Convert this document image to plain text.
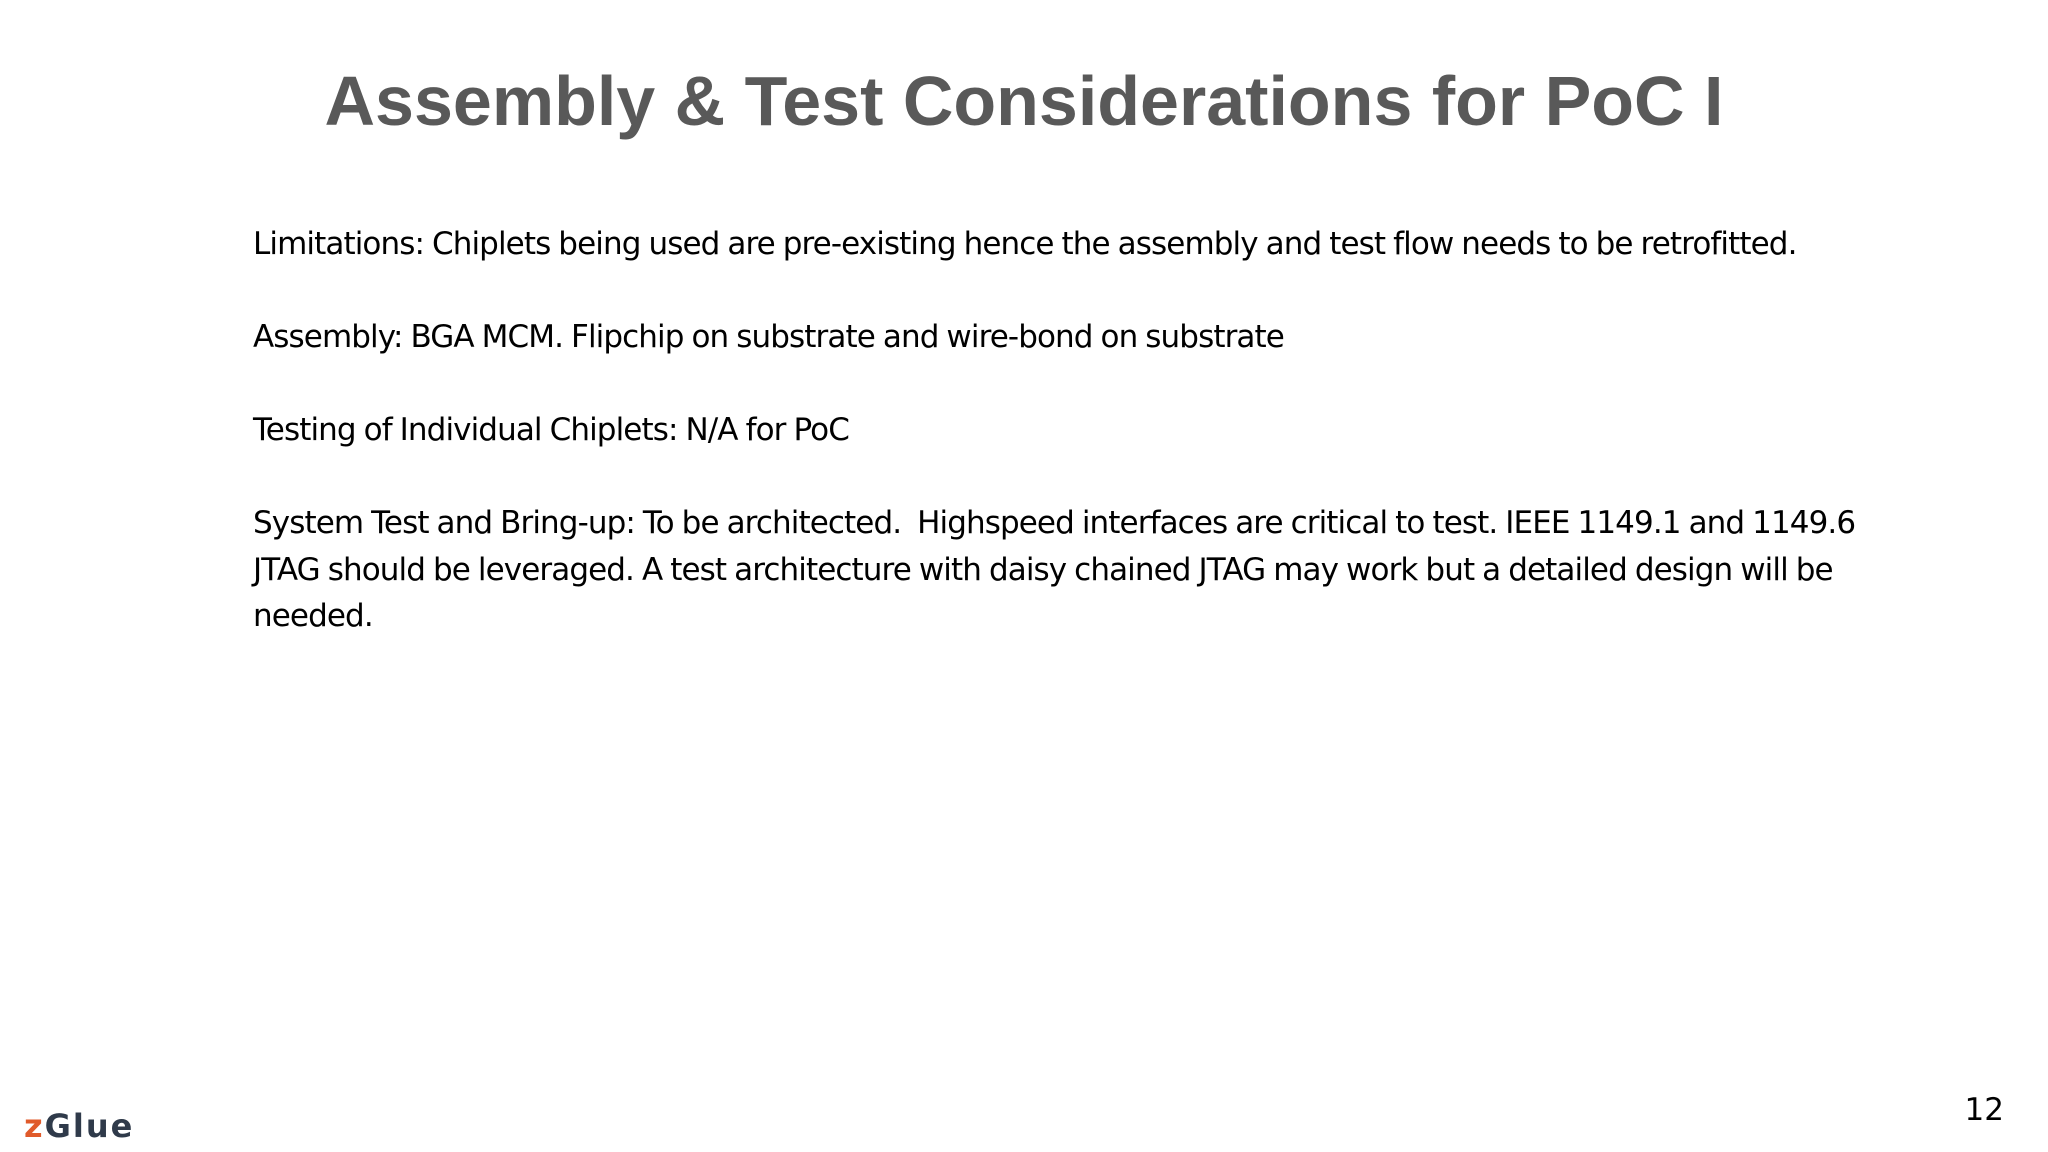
Assembly & Test Considerations for PoC I

Limitations: Chiplets being used are pre-existing hence the assembly and test flow needs to be retrofitted.

Assembly: BGA MCM. Flipchip on substrate and wire-bond on substrate

Testing of Individual Chiplets: N/A for PoC

System Test and Bring-up: To be architected.  Highspeed interfaces are critical to test. IEEE 1149.1 and 1149.6 JTAG should be leveraged. A test architecture with daisy chained JTAG may work but a detailed design will be needed.

zGlue	12
